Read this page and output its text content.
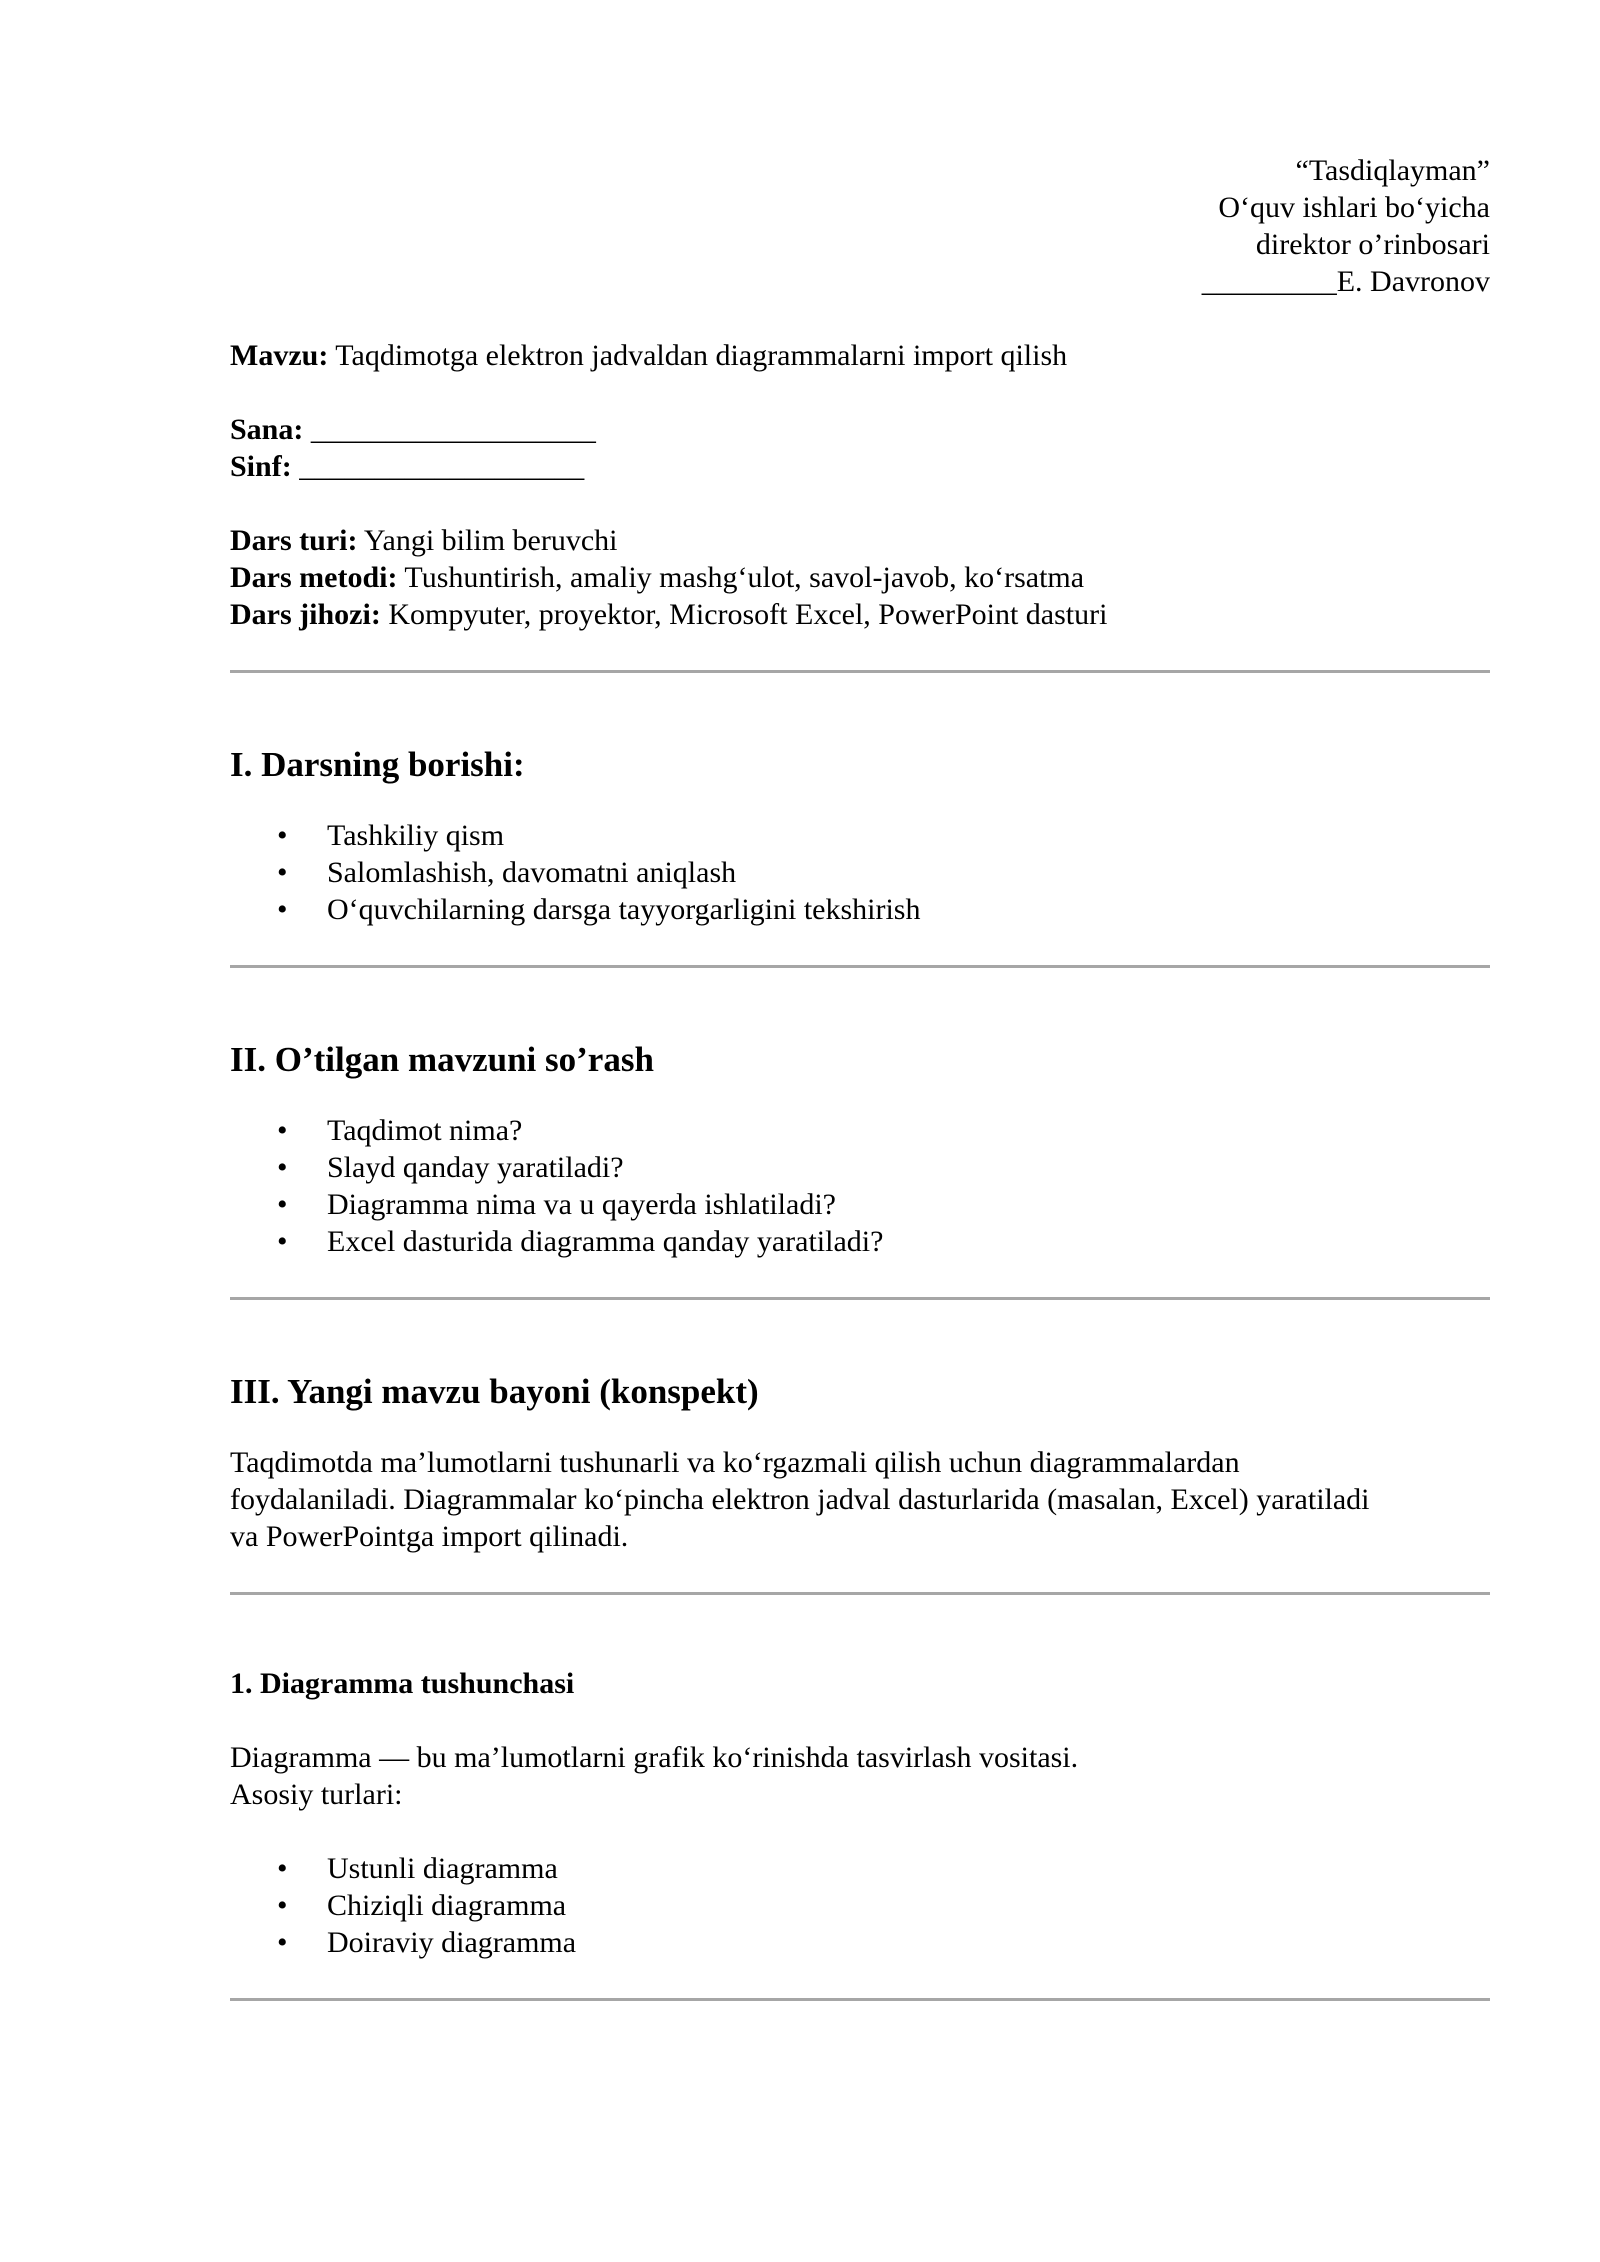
“Tasdiqlayman”
O‘quv ishlari bo‘yicha
direktor o’rinbosari
_________E. Davronov
Mavzu: Taqdimotga elektron jadvaldan diagrammalarni import qilish
Sana: ___________________
Sinf: ___________________
Dars turi: Yangi bilim beruvchi
Dars metodi: Tushuntirish, amaliy mashg‘ulot, savol-javob, ko‘rsatma
Dars jihozi: Kompyuter, proyektor, Microsoft Excel, PowerPoint dasturi
I. Darsning borishi:
• Tashkiliy qism
• Salomlashish, davomatni aniqlash
• O‘quvchilarning darsga tayyorgarligini tekshirish
II. O’tilgan mavzuni so’rash
• Taqdimot nima?
• Slayd qanday yaratiladi?
• Diagramma nima va u qayerda ishlatiladi?
• Excel dasturida diagramma qanday yaratiladi?
III. Yangi mavzu bayoni (konspekt)

Taqdimotda ma’lumotlarni tushunarli va ko‘rgazmali qilish uchun diagrammalardan
foydalaniladi. Diagrammalar ko‘pincha elektron jadval dasturlarida (masalan, Excel) yaratiladi
va PowerPointga import qilinadi.

1. Diagramma tushunchasi

Diagramma — bu ma’lumotlarni grafik ko‘rinishda tasvirlash vositasi.
Asosiy turlari:

• Ustunli diagramma
• Chiziqli diagramma
• Doiraviy diagramma
